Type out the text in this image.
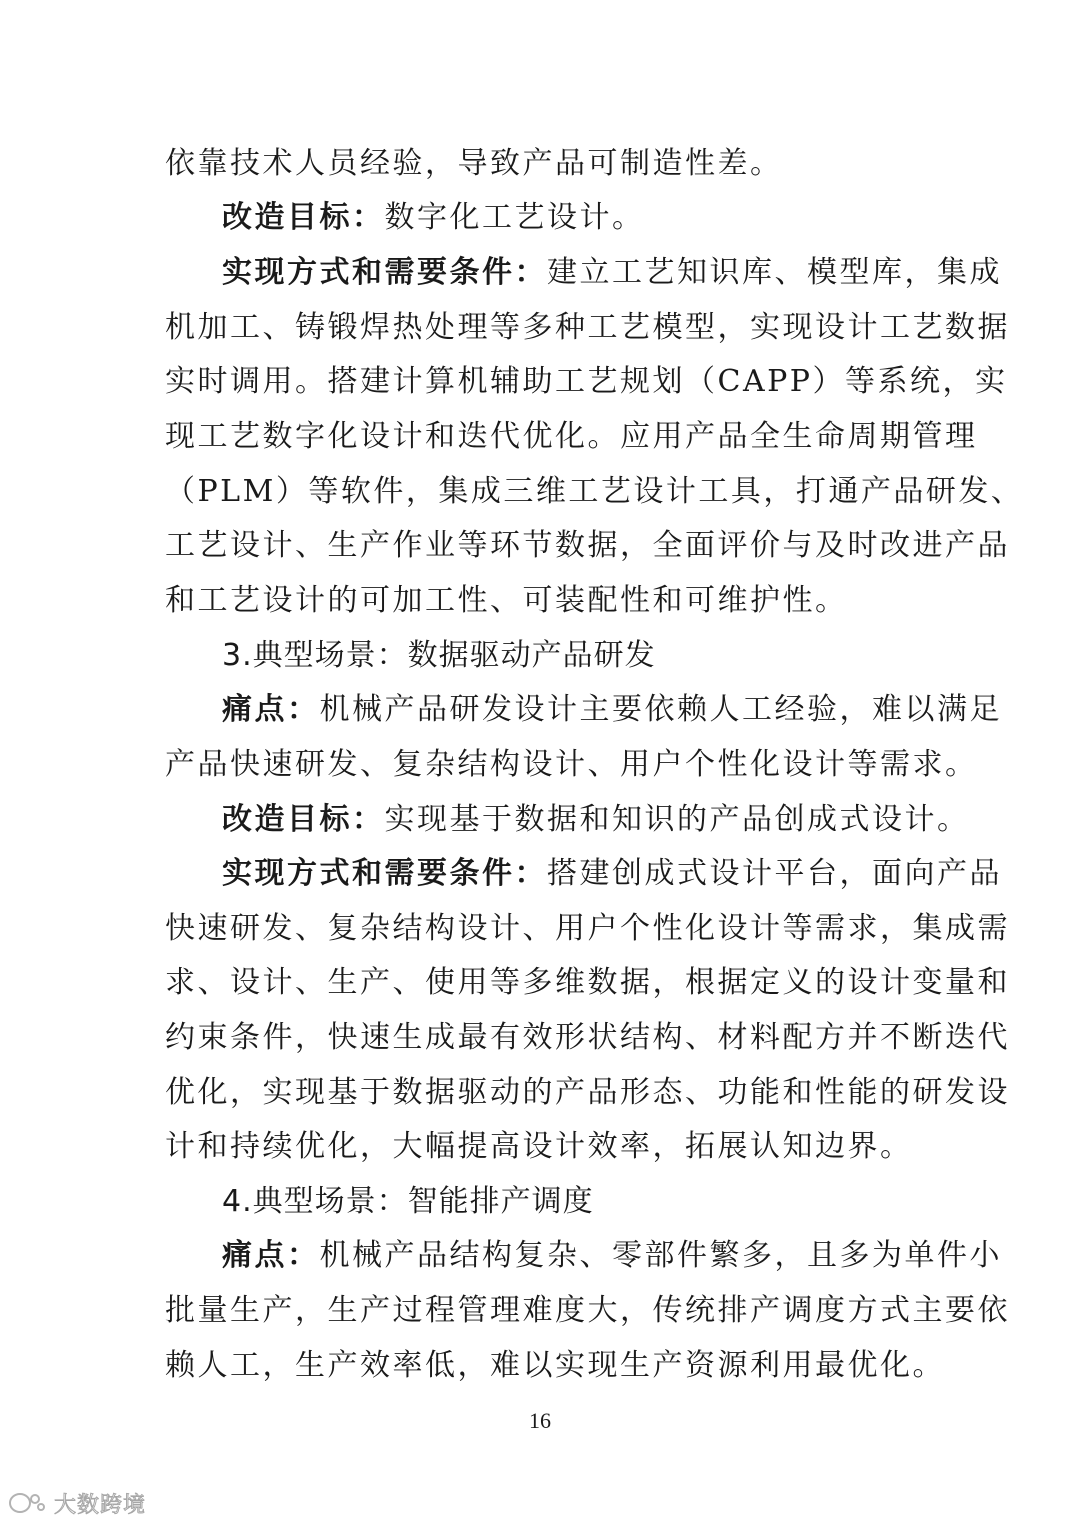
依靠技术人员经验，导致产品可制造性差。
改造目标：数字化工艺设计。
实现方式和需要条件：建立工艺知识库、模型库，集成
机加工、铸锻焊热处理等多种工艺模型，实现设计工艺数据
实时调用。搭建计算机辅助工艺规划（CAPP）等系统，实
现工艺数字化设计和迭代优化。应用产品全生命周期管理
（PLM）等软件，集成三维工艺设计工具，打通产品研发、
工艺设计、生产作业等环节数据，全面评价与及时改进产品
和工艺设计的可加工性、可装配性和可维护性。
3.典型场景：数据驱动产品研发
痛点：机械产品研发设计主要依赖人工经验，难以满足
产品快速研发、复杂结构设计、用户个性化设计等需求。
改造目标：实现基于数据和知识的产品创成式设计。
实现方式和需要条件：搭建创成式设计平台，面向产品
快速研发、复杂结构设计、用户个性化设计等需求，集成需
求、设计、生产、使用等多维数据，根据定义的设计变量和
约束条件，快速生成最有效形状结构、材料配方并不断迭代
优化，实现基于数据驱动的产品形态、功能和性能的研发设
计和持续优化，大幅提高设计效率，拓展认知边界。
4.典型场景：智能排产调度
痛点：机械产品结构复杂、零部件繁多，且多为单件小
批量生产，生产过程管理难度大，传统排产调度方式主要依
赖人工，生产效率低，难以实现生产资源利用最优化。
16
大数跨境
